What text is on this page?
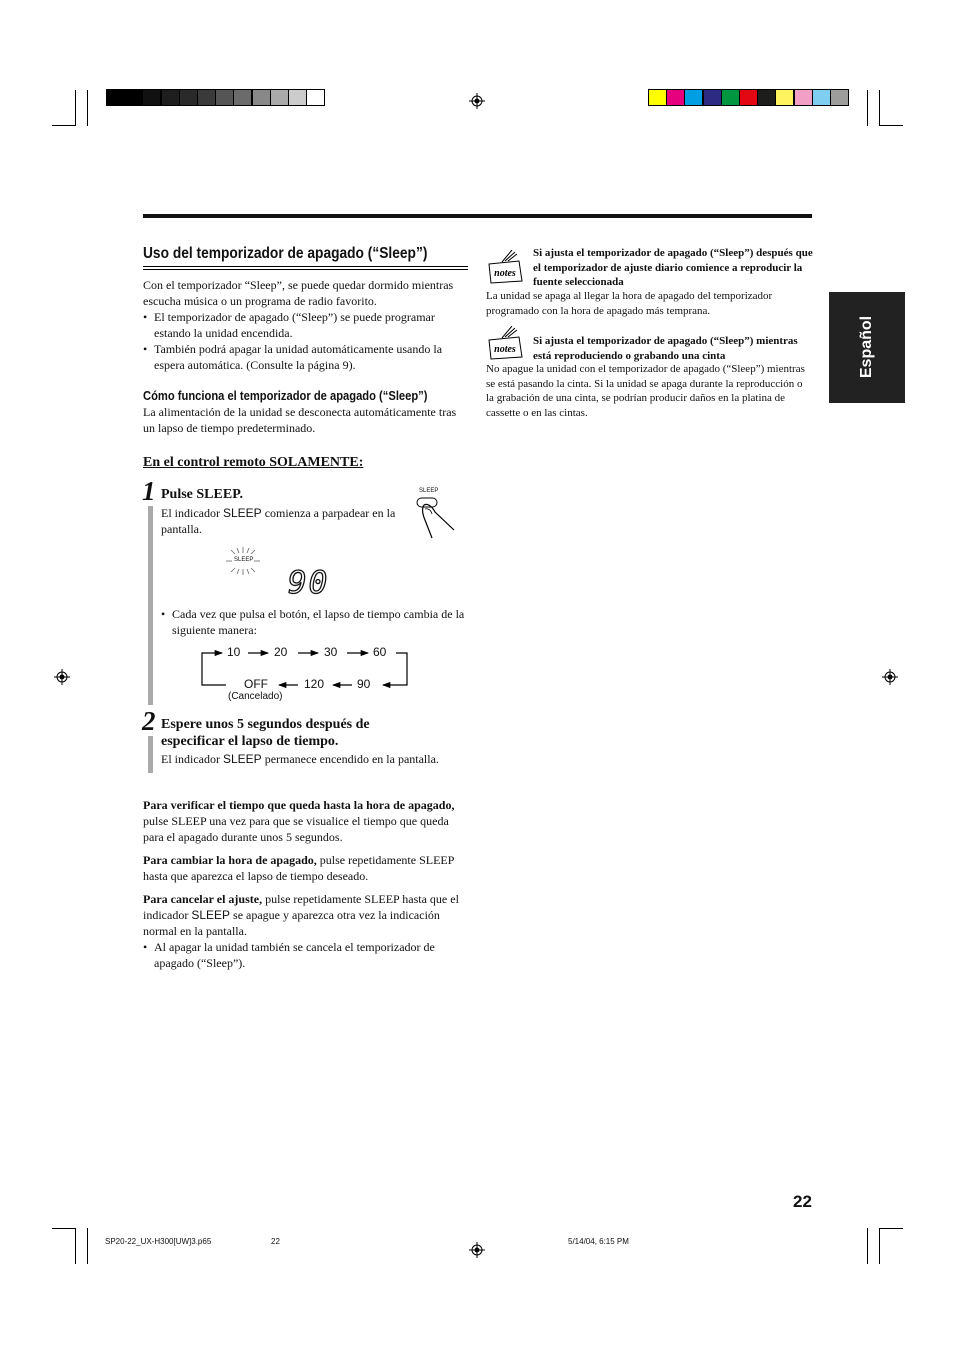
Español
Uso del temporizador de apagado (“Sleep”)

Con el temporizador “Sleep”, se puede quedar dormido mientras escucha música o un programa de radio favorito.

• El temporizador de apagado (“Sleep”) se puede programar estando la unidad encendida.

• También podrá apagar la unidad automáticamente usando la espera automática. (Consulte la página 9).

Cómo funciona el temporizador de apagado (“Sleep”)

La alimentación de la unidad se desconecta automáticamente tras un lapso de tiempo predeterminado.

En el control remoto SOLAMENTE:
1 Pulse SLEEP.

El indicador SLEEP comienza a parpadear en la pantalla.

SLEEP
SLEEP
90

• Cada vez que pulsa el botón, el lapso de tiempo cambia de la siguiente manera:

10	20	30	60
OFF	120	90
(Cancelado)
2 Espere unos 5 segundos después de especificar el lapso de tiempo.

El indicador SLEEP permanece encendido en la pantalla.

Para verificar el tiempo que queda hasta la hora de apagado, pulse SLEEP una vez para que se visualice el tiempo que queda para el apagado durante unos 5 segundos.

Para cambiar la hora de apagado, pulse repetidamente SLEEP hasta que aparezca el lapso de tiempo deseado.

Para cancelar el ajuste, pulse repetidamente SLEEP hasta que el indicador SLEEP se apague y aparezca otra vez la indicación normal en la pantalla.

• Al apagar la unidad también se cancela el temporizador de apagado (“Sleep”).

notes

Si ajusta el temporizador de apagado (“Sleep”) después que el temporizador de ajuste diario comience a reproducir la fuente seleccionada

La unidad se apaga al llegar la hora de apagado del temporizador programado con la hora de apagado más temprana.

notes

Si ajusta el temporizador de apagado (“Sleep”) mientras está reproduciendo o grabando una cinta

No apague la unidad con el temporizador de apagado (“Sleep”) mientras se está pasando la cinta. Si la unidad se apaga durante la reproducción o la grabación de una cinta, se podrían producir daños en la platina de cassette o en las cintas.

22
SP20-22_UX-H300[UW]3.p65	22	5/14/04, 6:15 PM
